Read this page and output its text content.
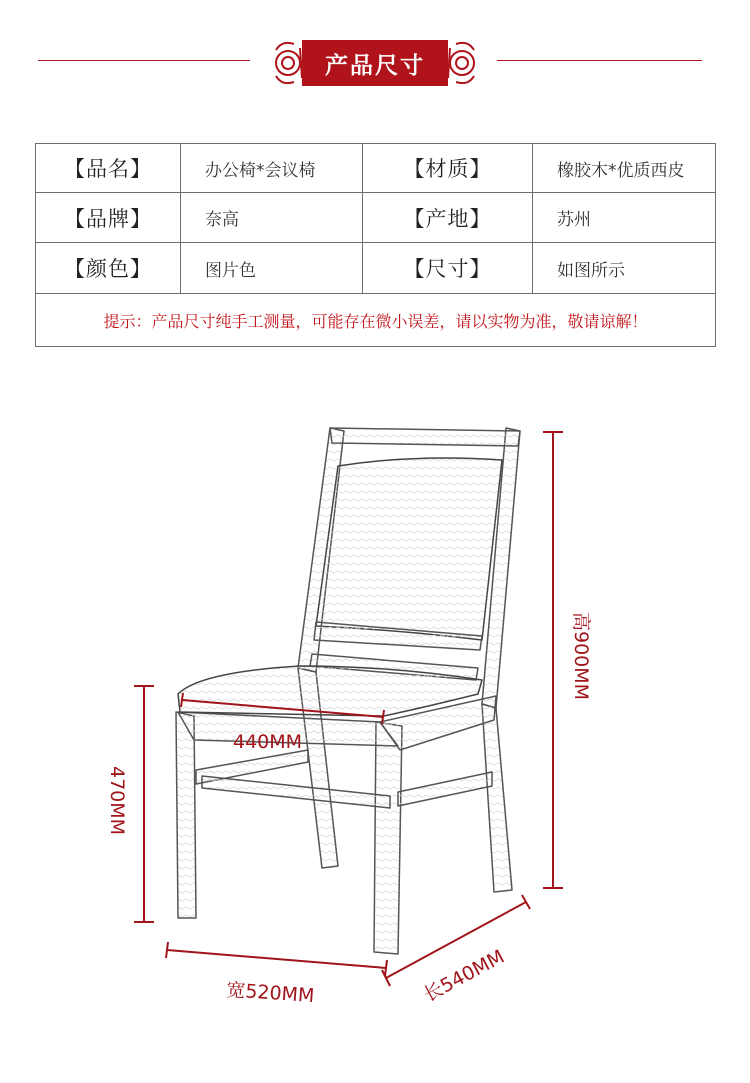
产品尺寸
【品名】	办公椅*会议椅	【材质】	橡胶木*优质西皮
【品牌】	奈高	【产地】	苏州
【颜色】	图片色	【尺寸】	如图所示
提示：产品尺寸纯手工测量，可能存在微小误差，请以实物为准，敬请谅解！			
高900MM
470MM
440MM
宽520MM	长540MM
